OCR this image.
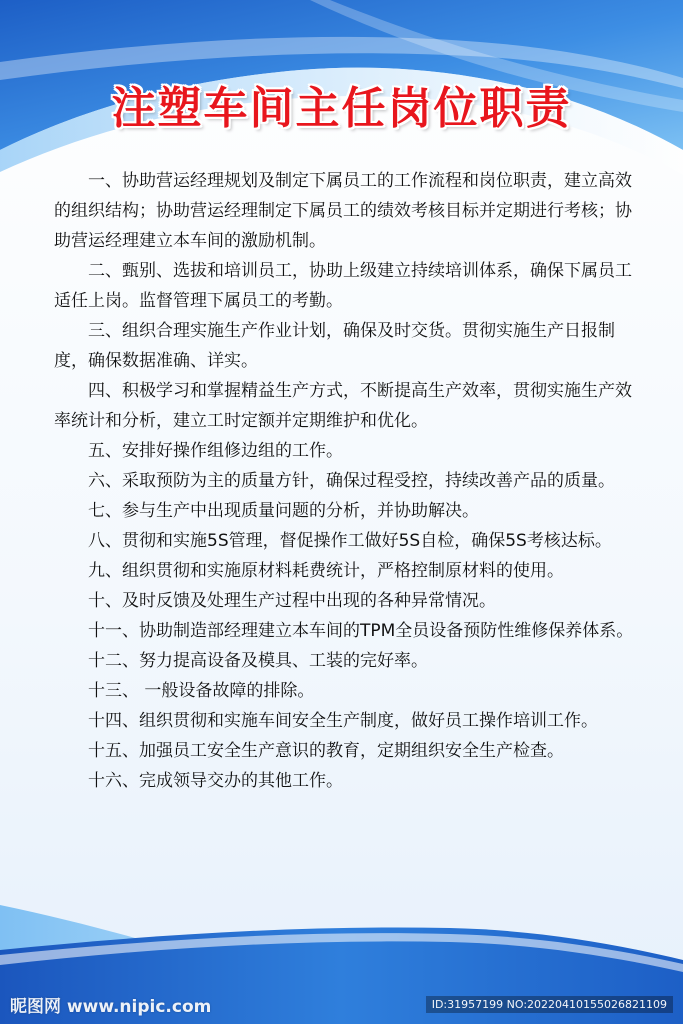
注塑车间主任岗位职责
一、协助营运经理规划及制定下属员工的工作流程和岗位职责，建立高效的组织结构；协助营运经理制定下属员工的绩效考核目标并定期进行考核；协助营运经理建立本车间的激励机制。
二、甄别、选拔和培训员工，协助上级建立持续培训体系，确保下属员工适任上岗。监督管理下属员工的考勤。
三、组织合理实施生产作业计划，确保及时交货。贯彻实施生产日报制度，确保数据准确、详实。
四、积极学习和掌握精益生产方式，不断提高生产效率，贯彻实施生产效率统计和分析，建立工时定额并定期维护和优化。
五、安排好操作组修边组的工作。
六、采取预防为主的质量方针，确保过程受控，持续改善产品的质量。
七、参与生产中出现质量问题的分析，并协助解决。
八、贯彻和实施5S管理，督促操作工做好5S自检，确保5S考核达标。
九、组织贯彻和实施原材料耗费统计，严格控制原材料的使用。
十、及时反馈及处理生产过程中出现的各种异常情况。
十一、协助制造部经理建立本车间的TPM全员设备预防性维修保养体系。
十二、努力提高设备及模具、工装的完好率。
十三、 一般设备故障的排除。
十四、组织贯彻和实施车间安全生产制度，做好员工操作培训工作。
十五、加强员工安全生产意识的教育，定期组织安全生产检查。
十六、完成领导交办的其他工作。
昵图网 www.nipic.com	ID:31957199 NO:20220410155026821109
